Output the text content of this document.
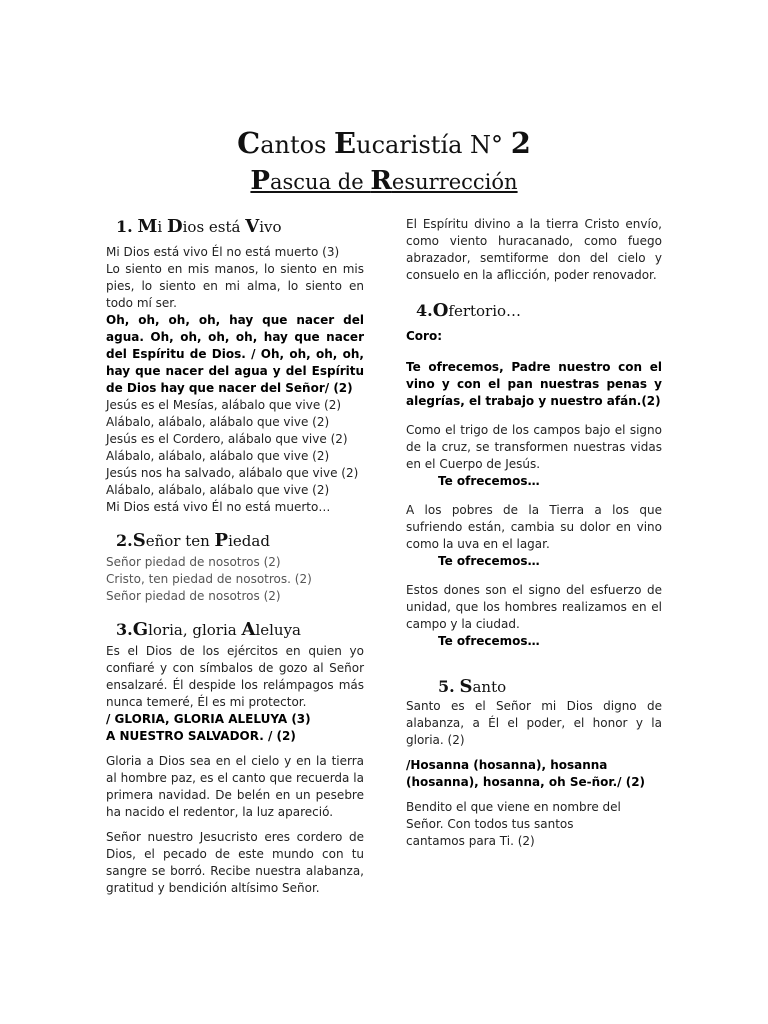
Cantos Eucaristía N° 2
Pascua de Resurrección
1. Mi Dios está Vivo

Mi Dios está vivo Él no está muerto (3)

Lo siento en mis manos, lo siento en mis pies, lo siento en mi alma, lo siento en todo mí ser.

Oh, oh, oh, oh, hay que nacer del agua. Oh, oh, oh, oh, hay que nacer del Espíritu de Dios. / Oh, oh, oh, oh, hay que nacer del agua y del Espíritu de Dios hay que nacer del Señor/ (2)

Jesús es el Mesías, alábalo que vive (2)

Alábalo, alábalo, alábalo que vive (2)

Jesús es el Cordero, alábalo que vive (2)

Alábalo, alábalo, alábalo que vive (2)

Jesús nos ha salvado, alábalo que vive (2)

Alábalo, alábalo, alábalo que vive (2)

Mi Dios está vivo Él no está muerto…

2.Señor ten Piedad

Señor piedad de nosotros (2)

Cristo, ten piedad de nosotros. (2)

Señor piedad de nosotros (2)

3.Gloria, gloria Aleluya

Es el Dios de los ejércitos en quien yo confiaré y con símbalos de gozo al Señor ensalzaré. Él despide los relámpagos más nunca temeré, Él es mi protector.

/ GLORIA, GLORIA ALELUYA (3)

A NUESTRO SALVADOR. / (2)

Gloria a Dios sea en el cielo y en la tierra al hombre paz, es el canto que recuerda la primera navidad. De belén en un pesebre ha nacido el redentor, la luz apareció.

Señor nuestro Jesucristo eres cordero de Dios, el pecado de este mundo con tu sangre se borró. Recibe nuestra alabanza, gratitud y bendición altísimo Señor.

El Espíritu divino a la tierra Cristo envío, como viento huracanado, como fuego abrazador, semtiforme don del cielo y consuelo en la aflicción, poder renovador.

4.Ofertorio…

Coro:

Te ofrecemos, Padre nuestro con el vino y con el pan nuestras penas y alegrías, el trabajo y nuestro afán.(2)

Como el trigo de los campos bajo el signo de la cruz, se transformen nuestras vidas en el Cuerpo de Jesús.

Te ofrecemos…

A los pobres de la Tierra a los que sufriendo están, cambia su dolor en vino como la uva en el lagar.

Te ofrecemos…

Estos dones son el signo del esfuerzo de unidad, que los hombres realizamos en el campo y la ciudad.

Te ofrecemos…

5. Santo

Santo es el Señor mi Dios digno de alabanza, a Él el poder, el honor y la gloria. (2)

/Hosanna (hosanna), hosanna (hosanna), hosanna, oh Se-ñor./ (2)

Bendito el que viene en nombre del Señor. Con todos tus santos cantamos para Ti. (2)
